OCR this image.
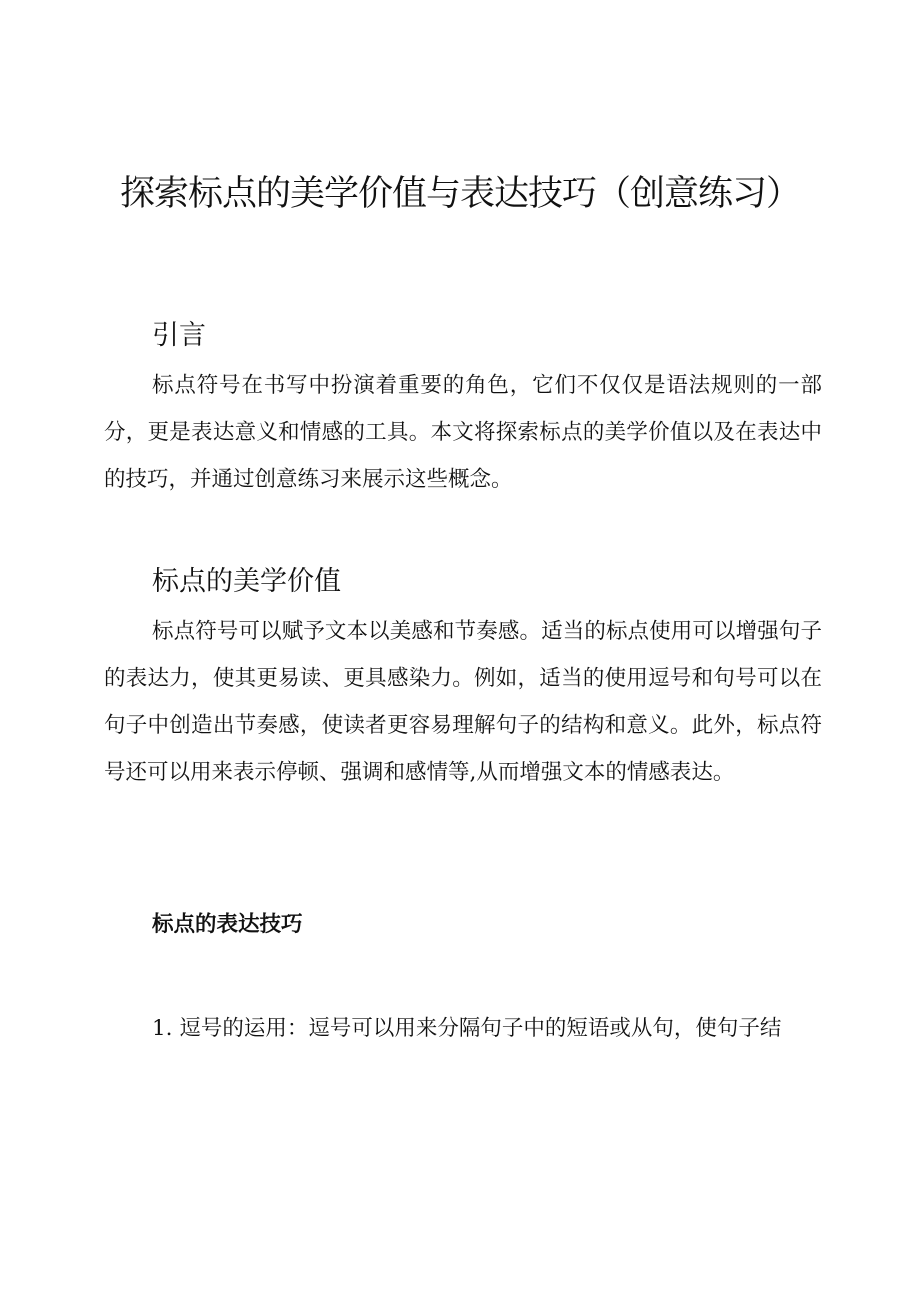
探索标点的美学价值与表达技巧（创意练习）
引言

标点符号在书写中扮演着重要的角色，它们不仅仅是语法规则的一部分，更是表达意义和情感的工具。本文将探索标点的美学价值以及在表达中的技巧，并通过创意练习来展示这些概念。

标点的美学价值

标点符号可以赋予文本以美感和节奏感。适当的标点使用可以增强句子的表达力，使其更易读、更具感染力。例如，适当的使用逗号和句号可以在句子中创造出节奏感，使读者更容易理解句子的结构和意义。此外，标点符号还可以用来表示停顿、强调和感情等,从而增强文本的情感表达。

标点的表达技巧

1. 逗号的运用：逗号可以用来分隔句子中的短语或从句，使句子结
